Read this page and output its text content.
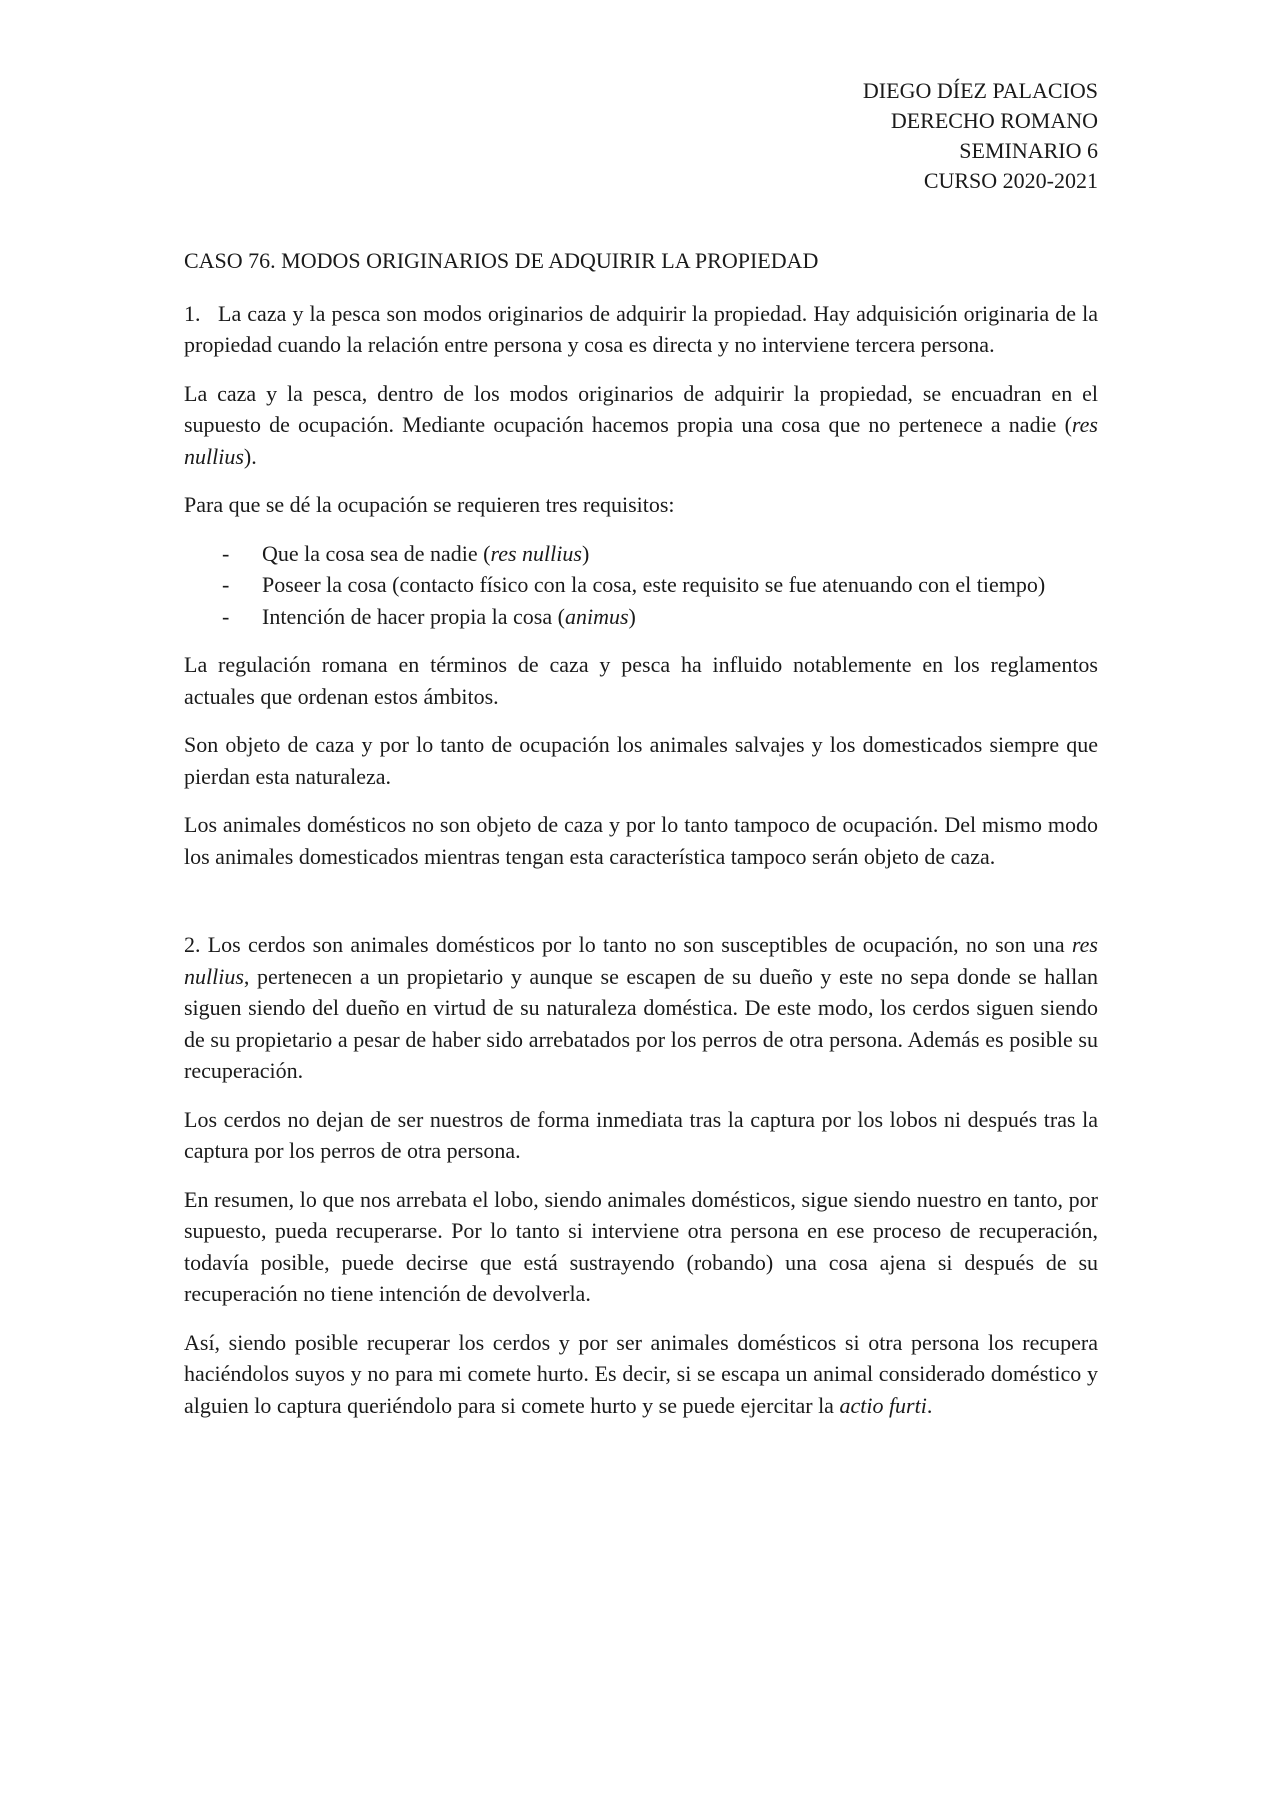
DIEGO DÍEZ PALACIOS
DERECHO ROMANO
SEMINARIO 6
CURSO 2020-2021
CASO 76. MODOS ORIGINARIOS DE ADQUIRIR LA PROPIEDAD

1. La caza y la pesca son modos originarios de adquirir la propiedad. Hay adquisición originaria de la propiedad cuando la relación entre persona y cosa es directa y no interviene tercera persona.

La caza y la pesca, dentro de los modos originarios de adquirir la propiedad, se encuadran en el supuesto de ocupación. Mediante ocupación hacemos propia una cosa que no pertenece a nadie (res nullius).

Para que se dé la ocupación se requieren tres requisitos:

- Que la cosa sea de nadie (res nullius)
- Poseer la cosa (contacto físico con la cosa, este requisito se fue atenuando con el tiempo)
- Intención de hacer propia la cosa (animus)

La regulación romana en términos de caza y pesca ha influido notablemente en los reglamentos actuales que ordenan estos ámbitos.

Son objeto de caza y por lo tanto de ocupación los animales salvajes y los domesticados siempre que pierdan esta naturaleza.

Los animales domésticos no son objeto de caza y por lo tanto tampoco de ocupación. Del mismo modo los animales domesticados mientras tengan esta característica tampoco serán objeto de caza.

2. Los cerdos son animales domésticos por lo tanto no son susceptibles de ocupación, no son una res nullius, pertenecen a un propietario y aunque se escapen de su dueño y este no sepa donde se hallan siguen siendo del dueño en virtud de su naturaleza doméstica. De este modo, los cerdos siguen siendo de su propietario a pesar de haber sido arrebatados por los perros de otra persona. Además es posible su recuperación.

Los cerdos no dejan de ser nuestros de forma inmediata tras la captura por los lobos ni después tras la captura por los perros de otra persona.

En resumen, lo que nos arrebata el lobo, siendo animales domésticos, sigue siendo nuestro en tanto, por supuesto, pueda recuperarse. Por lo tanto si interviene otra persona en ese proceso de recuperación, todavía posible, puede decirse que está sustrayendo (robando) una cosa ajena si después de su recuperación no tiene intención de devolverla.

Así, siendo posible recuperar los cerdos y por ser animales domésticos si otra persona los recupera haciéndolos suyos y no para mi comete hurto. Es decir, si se escapa un animal considerado doméstico y alguien lo captura queriéndolo para si comete hurto y se puede ejercitar la actio furti.
